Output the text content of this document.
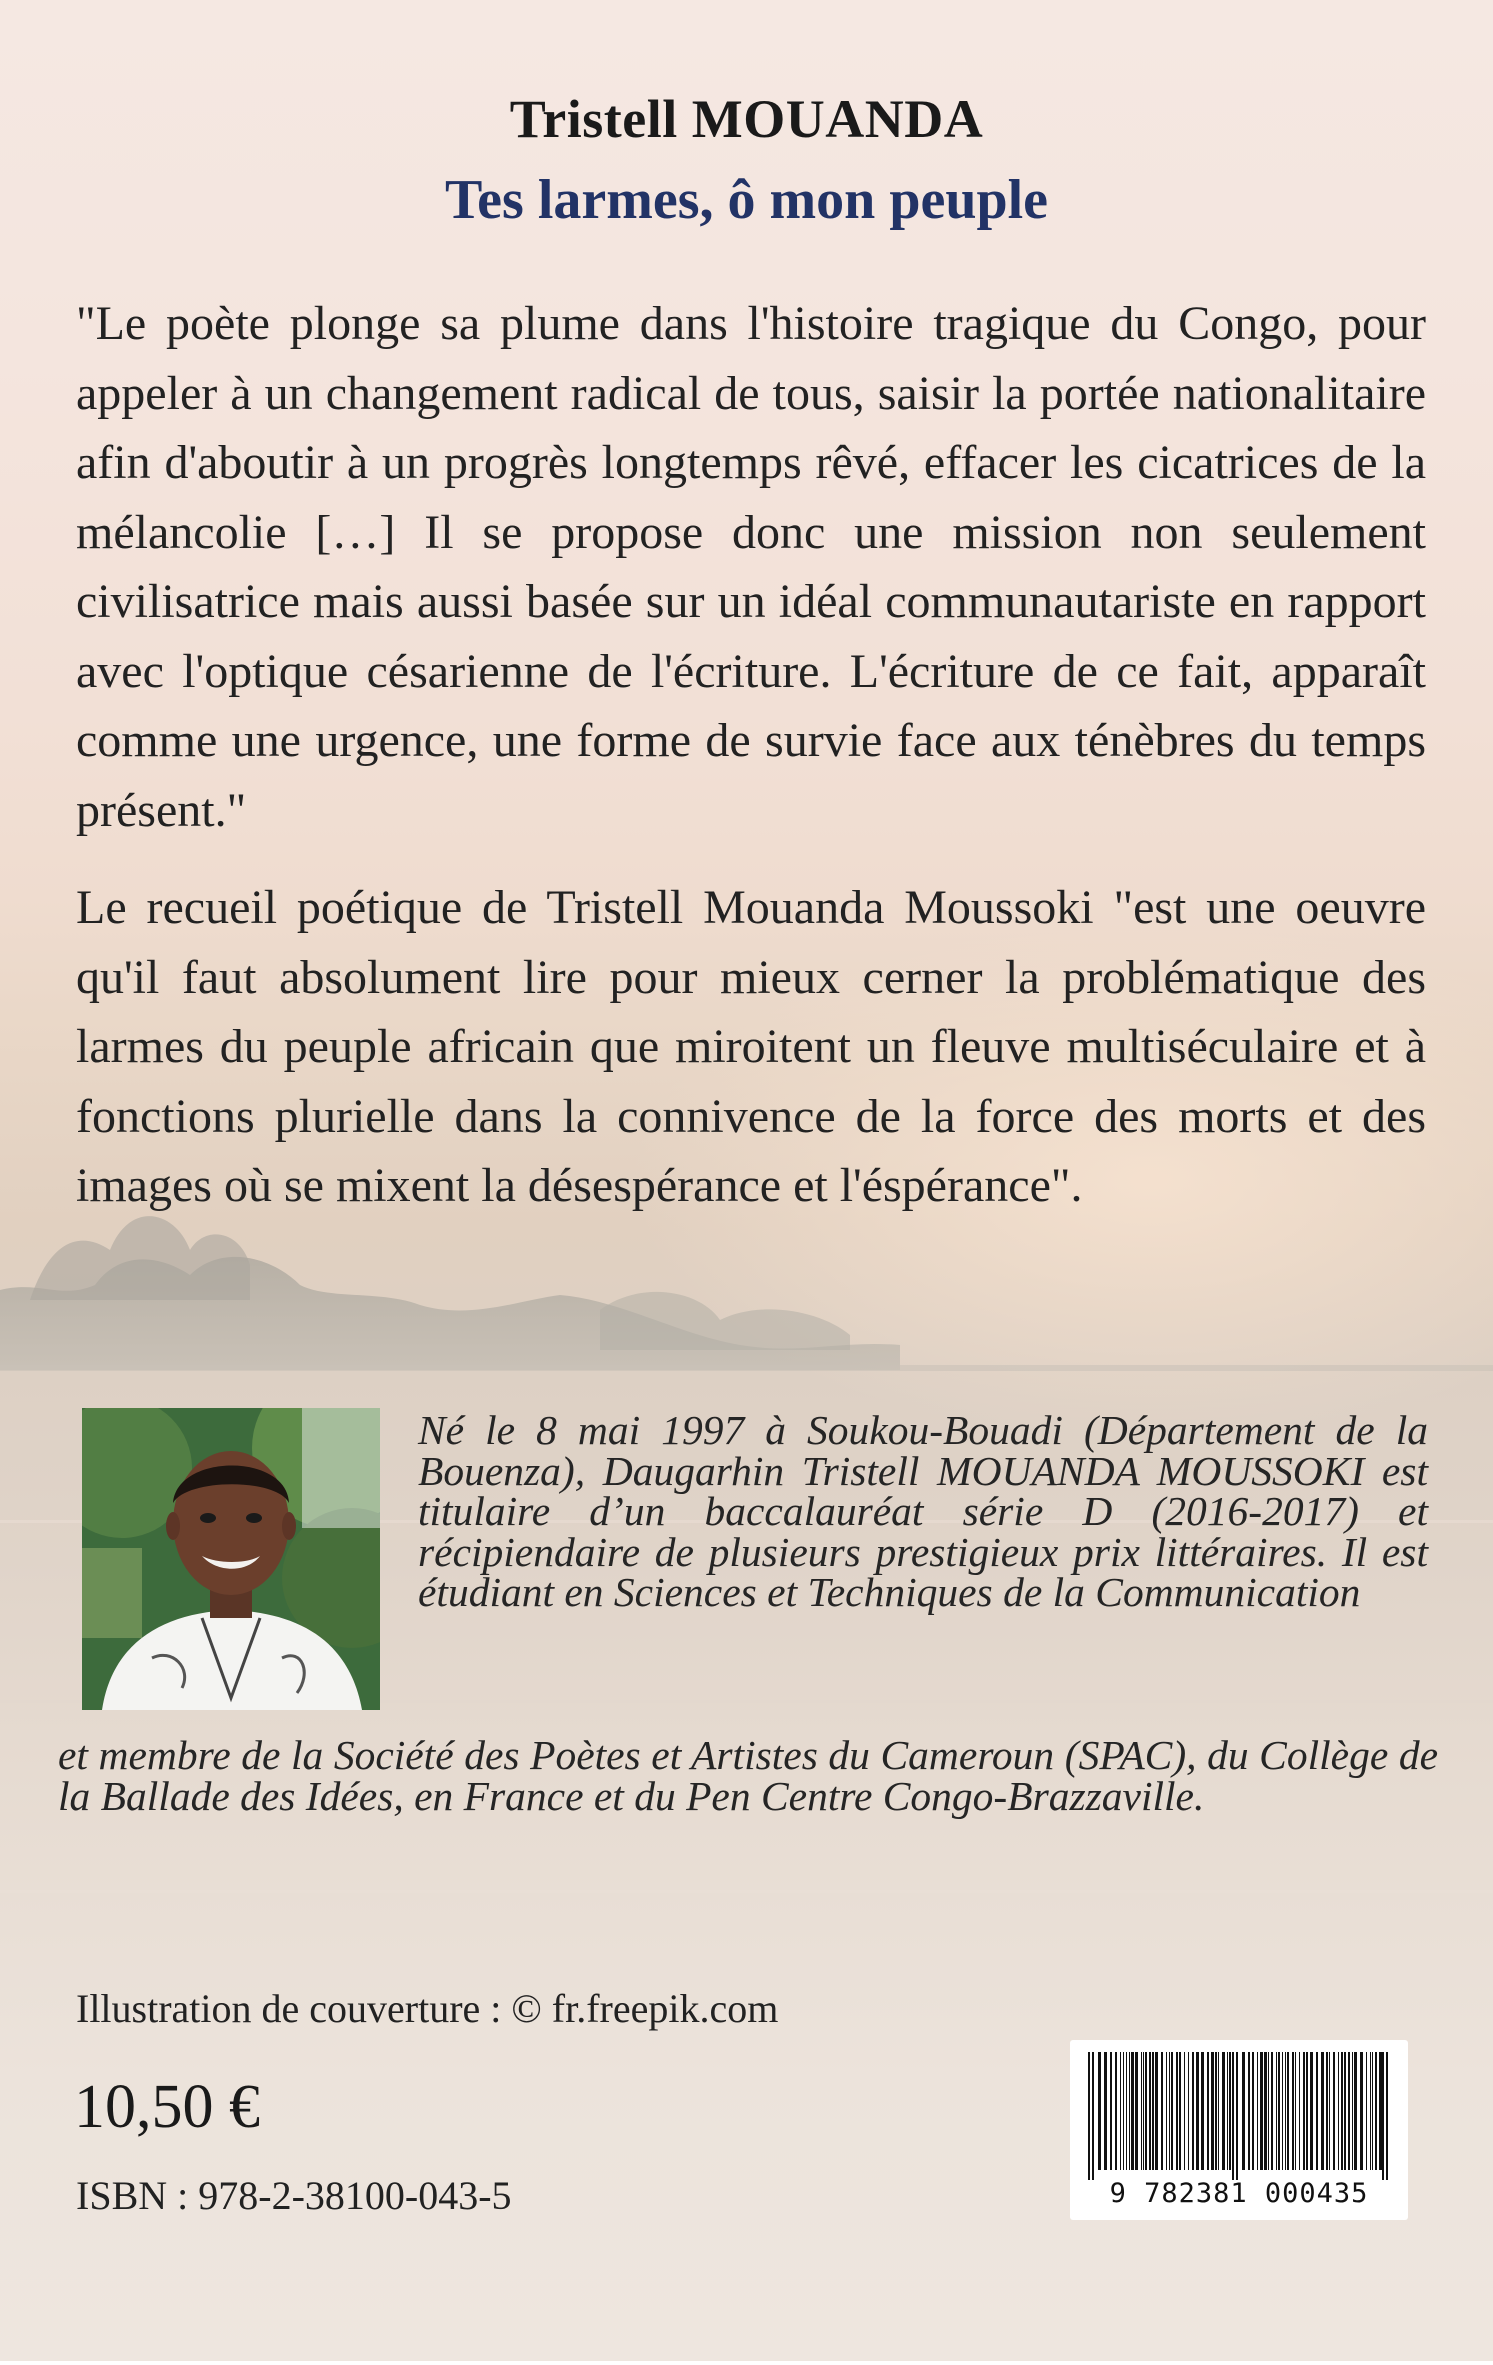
Tristell MOUANDA
Tes larmes, ô mon peuple
"Le poète plonge sa plume dans l'histoire tragique du Congo, pour appeler à un changement radical de tous, saisir la portée nationalitaire afin d'aboutir à un progrès longtemps rêvé, effacer les cicatrices de la mélancolie […] Il se propose donc une mission non seulement civilisatrice mais aussi basée sur un idéal communautariste en rapport avec l'optique césarienne de l'écriture. L'écriture de ce fait, apparaît comme une urgence, une forme de survie face aux ténèbres du temps présent."
Le recueil poétique de Tristell Mouanda Moussoki "est une oeuvre qu'il faut absolument lire pour mieux cerner la problématique des larmes du peuple africain que miroitent un fleuve multiséculaire et à fonctions plurielle dans la connivence de la force des morts et des images où se mixent la désespérance et l'éspérance".
Né le 8 mai 1997 à Soukou-Bouadi (Département de la Bouenza), Daugarhin Tristell MOUANDA MOUSSOKI est titulaire d’un baccalauréat série D (2016-2017) et récipiendaire de plusieurs prestigieux prix littéraires. Il est étudiant en Sciences et Techniques de la Communication
et membre de la Société des Poètes et Artistes du Cameroun (SPAC), du Collège de la Ballade des Idées, en France et du Pen Centre Congo-Brazzaville.
Illustration de couverture : © fr.freepik.com
10,50 €
ISBN : 978-2-38100-043-5	9 782381 000435
